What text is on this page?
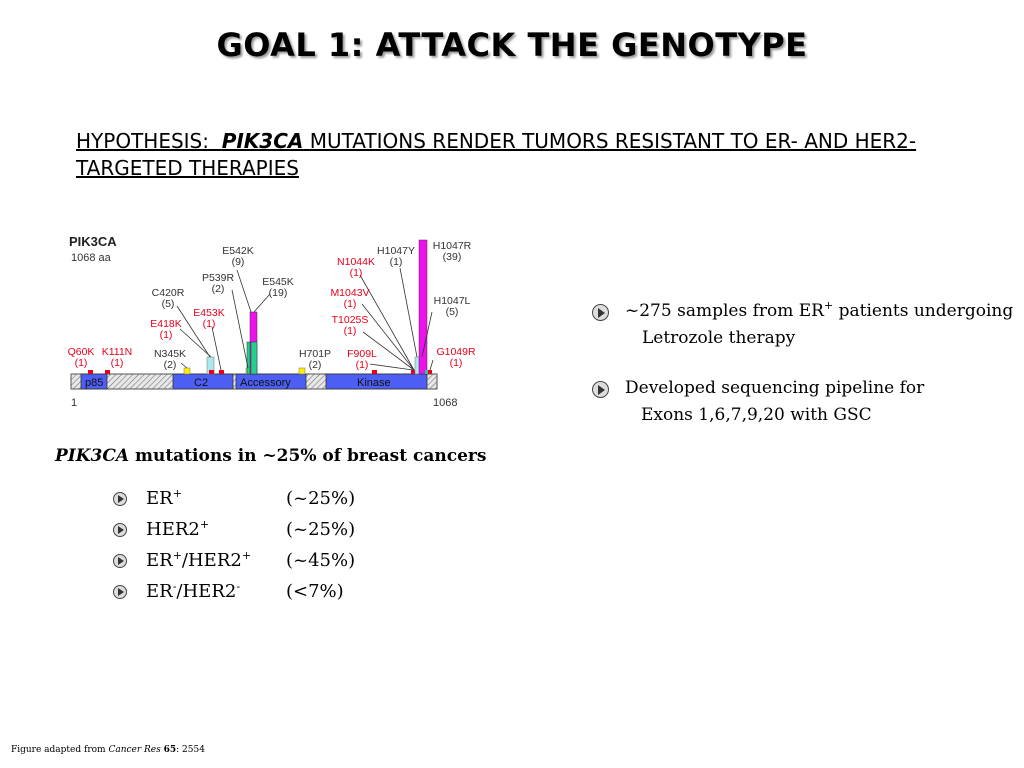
GOAL 1: ATTACK THE GENOTYPE
HYPOTHESIS: PIK3CA MUTATIONS RENDER TUMORS RESISTANT TO ER- AND HER2-TARGETED THERAPIES
PIK3CA
1068 aa
p85	C2	Accessory	Kinase
1	1068
Q60K
(1)
K111N
(1)
E418K
(1)
C420R
(5)
N345K
(2)
E453K
(1)
P539R
(2)
E542K
(9)
E545K
(19)
H701P
(2)
N1044K
(1)
M1043V
(1)
T1025S
(1)
F909L
(1)
H1047Y
(1)
H1047R
(39)
H1047L
(5)
G1049R
(1)
PIK3CA mutations in ~25% of breast cancers
ER+	(~25%)
HER2+	(~25%)
ER+/HER2+ (~45%)
ER-/HER2-	(<7%)
~275 samples from ER+ patients undergoing
Letrozole therapy
Developed sequencing pipeline for
Exons 1,6,7,9,20 with GSC
Figure adapted from Cancer Res 65: 2554
